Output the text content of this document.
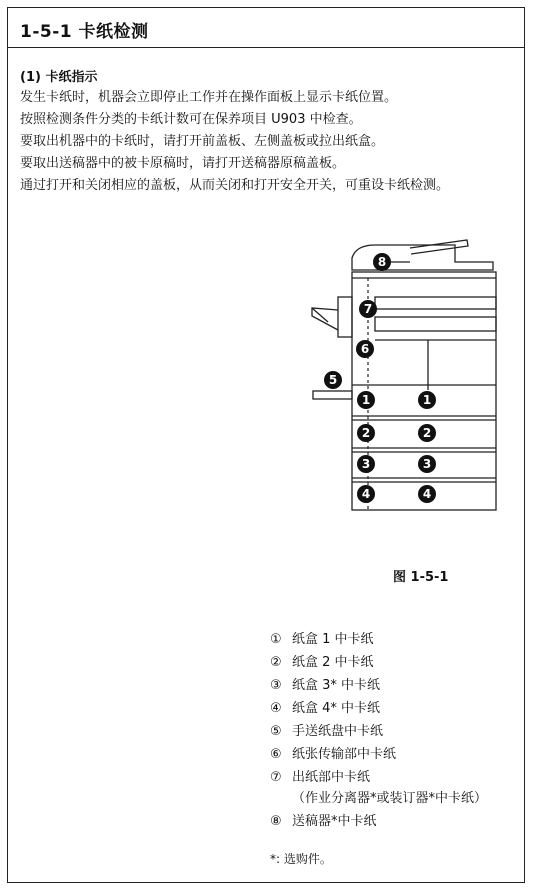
1-5-1 卡纸检测
(1) 卡纸指示
发生卡纸时，机器会立即停止工作并在操作面板上显示卡纸位置。
按照检测条件分类的卡纸计数可在保养项目 U903 中检查。
要取出机器中的卡纸时，请打开前盖板、左侧盖板或拉出纸盒。
要取出送稿器中的被卡原稿时，请打开送稿器原稿盖板。
通过打开和关闭相应的盖板，从而关闭和打开安全开关，可重设卡纸检测。
8
7
6
5
1	1
2	2
3	3
4	4
图 1-5-1
① 纸盒 1 中卡纸
② 纸盒 2 中卡纸
③ 纸盒 3* 中卡纸
④ 纸盒 4* 中卡纸
⑤ 手送纸盘中卡纸
⑥ 纸张传输部中卡纸
⑦ 出纸部中卡纸
（作业分离器*或装订器*中卡纸）
⑧ 送稿器*中卡纸
*: 选购件。
